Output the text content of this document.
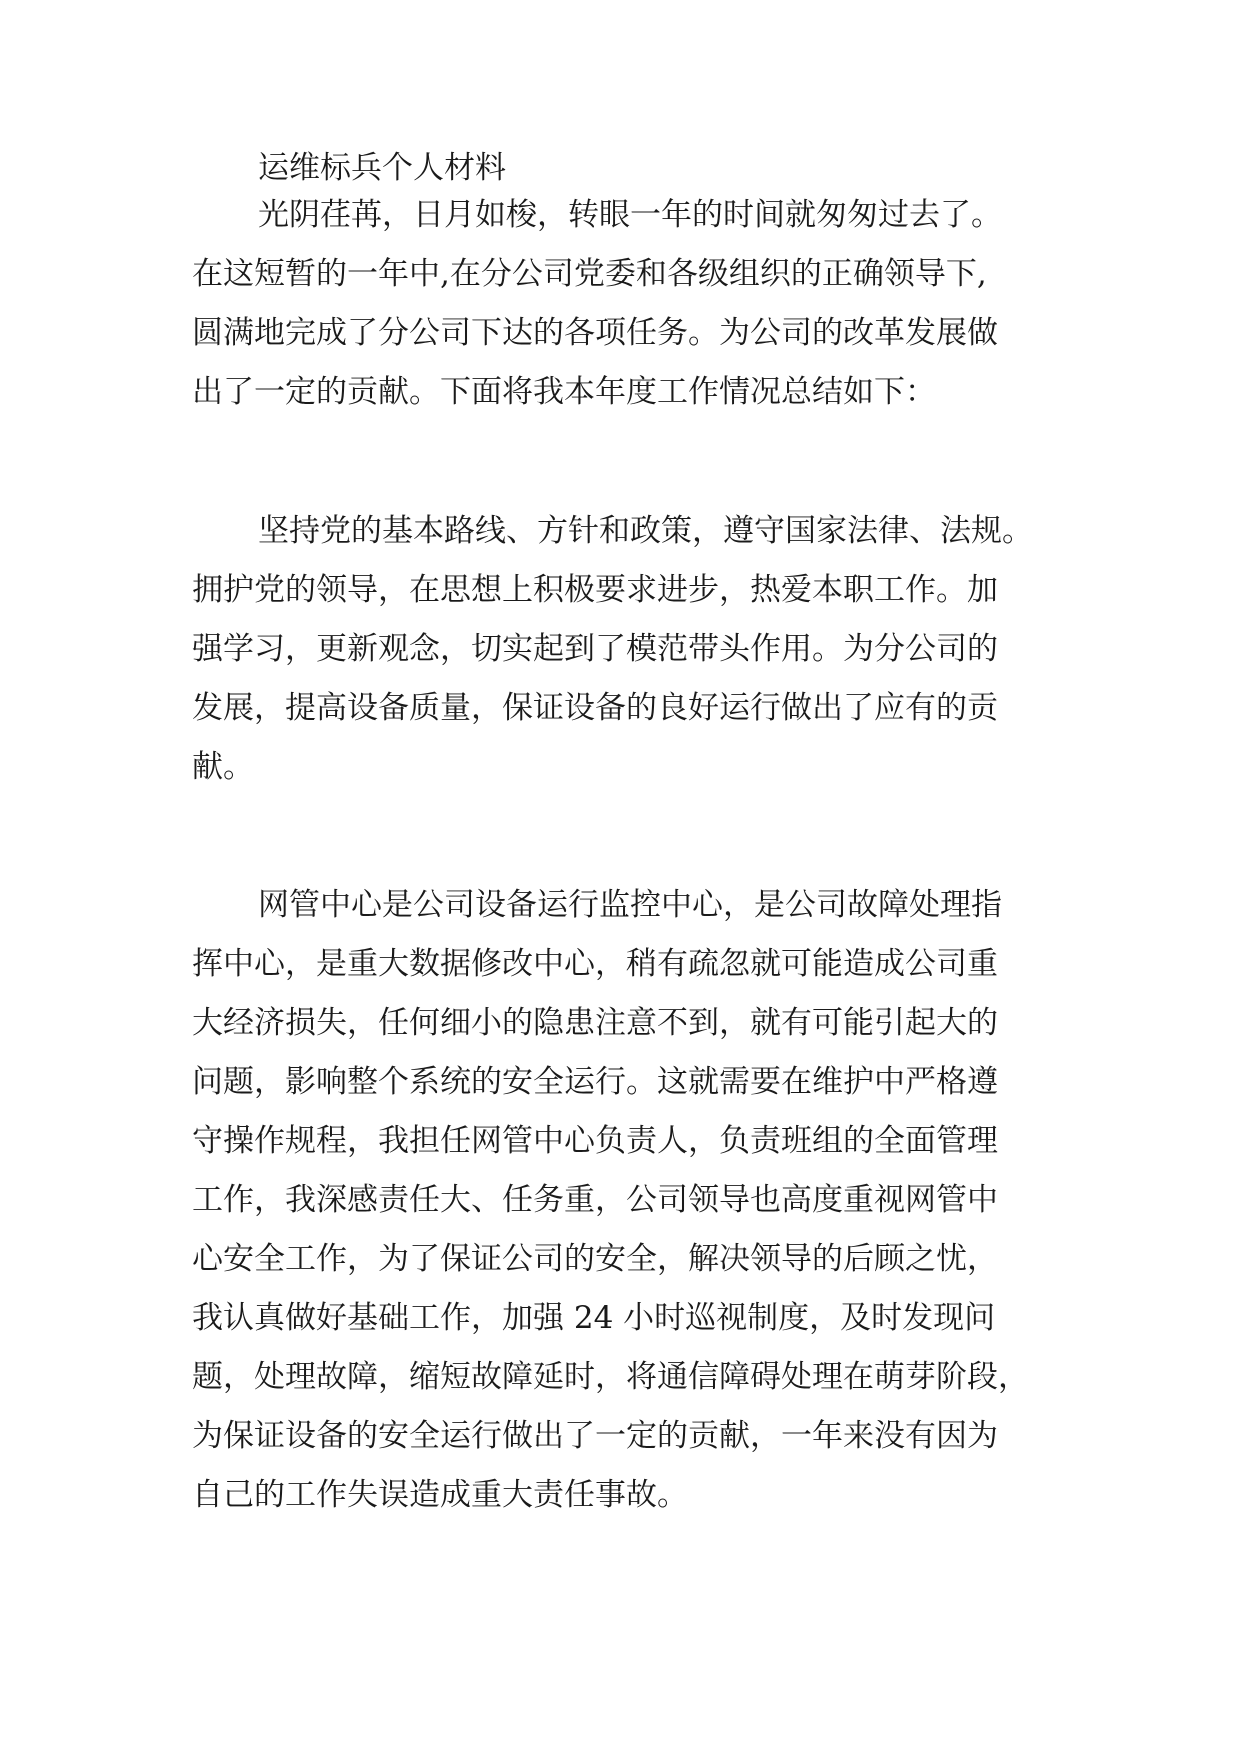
运维标兵个人材料

光阴荏苒，日月如梭，转眼一年的时间就匆匆过去了。

在这短暂的一年中,在分公司党委和各级组织的正确领导下,

圆满地完成了分公司下达的各项任务。为公司的改革发展做

出了一定的贡献。下面将我本年度工作情况总结如下：

坚持党的基本路线、方针和政策，遵守国家法律、法规。

拥护党的领导，在思想上积极要求进步，热爱本职工作。加

强学习，更新观念，切实起到了模范带头作用。为分公司的

发展，提高设备质量，保证设备的良好运行做出了应有的贡

献。

网管中心是公司设备运行监控中心，是公司故障处理指

挥中心，是重大数据修改中心，稍有疏忽就可能造成公司重

大经济损失，任何细小的隐患注意不到，就有可能引起大的

问题，影响整个系统的安全运行。这就需要在维护中严格遵

守操作规程，我担任网管中心负责人，负责班组的全面管理

工作，我深感责任大、任务重，公司领导也高度重视网管中

心安全工作，为了保证公司的安全，解决领导的后顾之忧，

我认真做好基础工作，加强 24 小时巡视制度，及时发现问

题，处理故障，缩短故障延时，将通信障碍处理在萌芽阶段，

为保证设备的安全运行做出了一定的贡献，一年来没有因为

自己的工作失误造成重大责任事故。
